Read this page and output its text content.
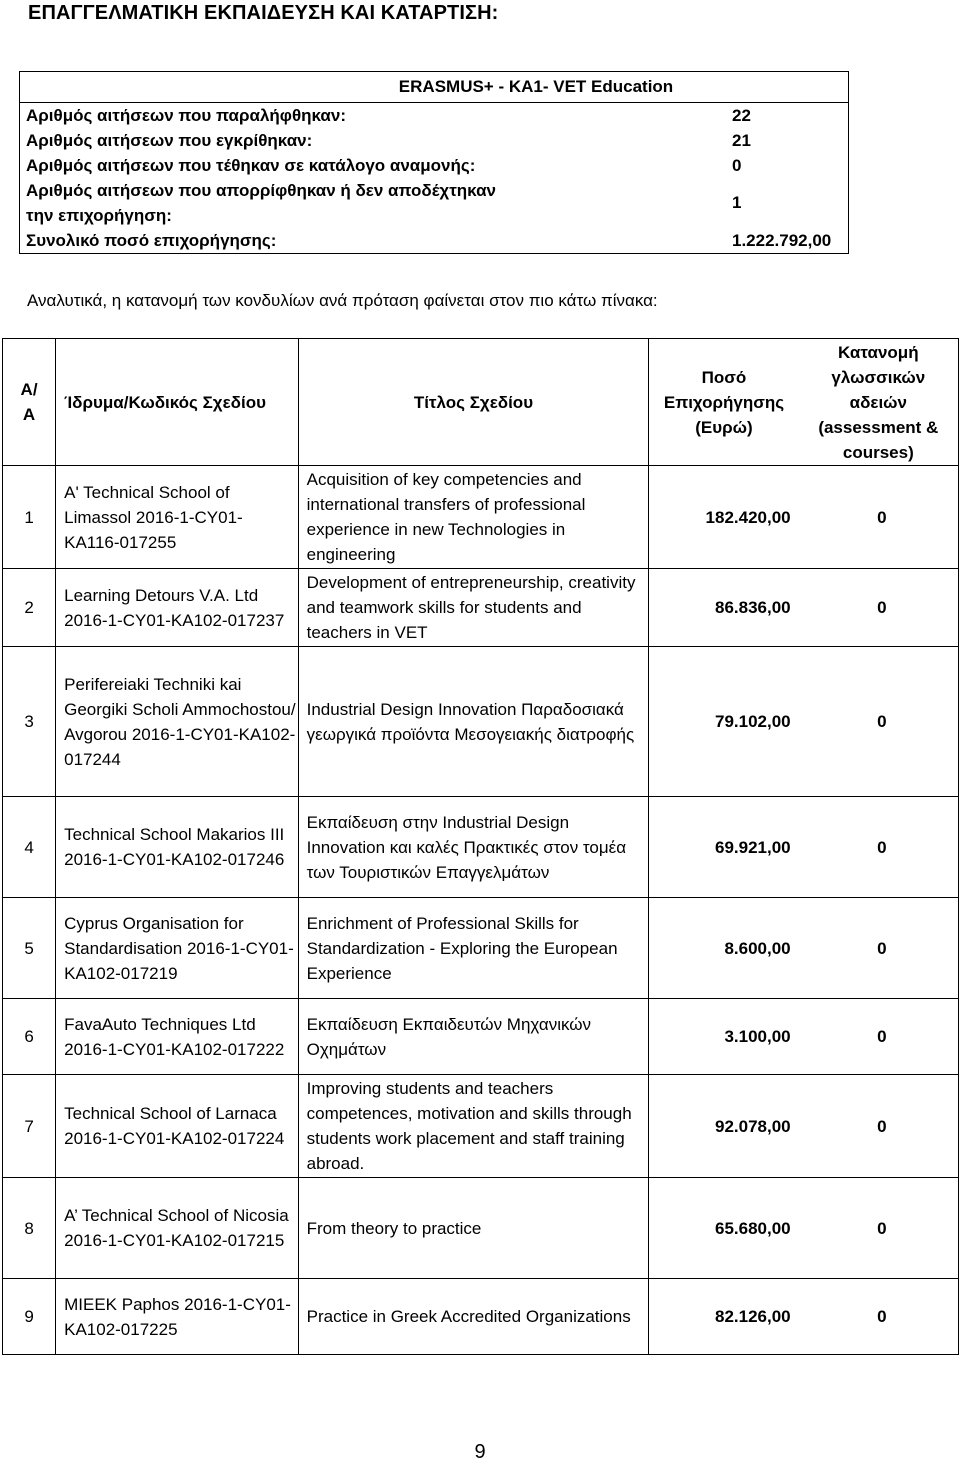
ΕΠΑΓΓΕΛΜΑΤΙΚΗ ΕΚΠΑΙΔΕΥΣΗ ΚΑΙ ΚΑΤΑΡΤΙΣΗ:
ERASMUS+ - KA1- VET Education	
Αριθμός αιτήσεων που παραλήφθηκαν:	22
Αριθμός αιτήσεων που εγκρίθηκαν:	21
Αριθμός αιτήσεων που τέθηκαν σε κατάλογο αναμονής:	0
Αριθμός αιτήσεων που απορρίφθηκαν ή δεν αποδέχτηκαν την επιχορήγηση:	1
Συνολικό ποσό επιχορήγησης:	1.222.792,00
Αναλυτικά, η κατανομή των κονδυλίων ανά πρόταση φαίνεται στον πιο κάτω πίνακα:
Α/ Α	Ίδρυμα/Κωδικός Σχεδίου	Τίτλος Σχεδίου	Ποσό Επιχορήγησης (Ευρώ)	Κατανομή γλωσσικών αδειών (assessment & courses)
1	A' Technical School of Limassol 2016-1-CY01-KA116-017255	Acquisition of key competencies and international transfers of professional experience in new Technologies in engineering	182.420,00	0
2	Learning Detours V.A. Ltd 2016-1-CY01-KA102-017237	Development of entrepreneurship, creativity and teamwork skills for students and teachers in VET	86.836,00	0
3	Perifereiaki Techniki kai Georgiki Scholi Ammochostou/ Avgorou 2016-1-CY01-KA102-017244	Industrial Design Innovation Παραδοσιακά γεωργικά προϊόντα Μεσογειακής διατροφής	79.102,00	0
4	Technical School Makarios III 2016-1-CY01-KA102-017246	Εκπαίδευση στην Industrial Design Innovation και καλές Πρακτικές στον τομέα των Τουριστικών Επαγγελμάτων	69.921,00	0
5	Cyprus Organisation for Standardisation 2016-1-CY01-KA102-017219	Enrichment of Professional Skills for Standardization - Exploring the European Experience	8.600,00	0
6	FavaAuto Techniques Ltd 2016-1-CY01-KA102-017222	Εκπαίδευση Εκπαιδευτών Μηχανικών Οχημάτων	3.100,00	0
7	Technical School of Larnaca 2016-1-CY01-KA102-017224	Improving students and teachers competences, motivation and skills through students work placement and staff training abroad.	92.078,00	0
8	A’ Technical School of Nicosia 2016-1-CY01-KA102-017215	From theory to practice	65.680,00	0
9	MIEEK Paphos 2016-1-CY01-KA102-017225	Practice in Greek Accredited Organizations	82.126,00	0
9
